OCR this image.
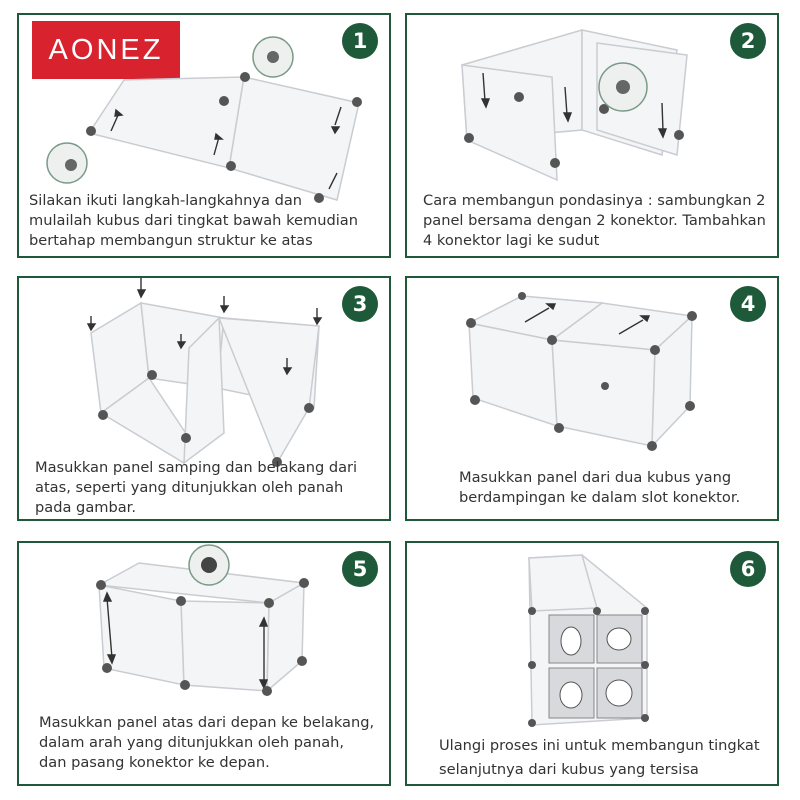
AONEZ	1
Silakan ikuti langkah-langkahnya dan
mulailah kubus dari tingkat bawah kemudian
bertahap membangun struktur ke atas
2
Cara membangun pondasinya : sambungkan 2
panel bersama dengan 2 konektor. Tambahkan
4 konektor lagi ke sudut
3
Masukkan panel samping dan belakang dari
atas, seperti yang ditunjukkan oleh panah
pada gambar.
4
Masukkan panel dari dua kubus yang
berdampingan ke dalam slot konektor.
5
Masukkan panel atas dari depan ke belakang,
dalam arah yang ditunjukkan oleh panah,
dan pasang konektor ke depan.
6
Ulangi proses ini untuk membangun tingkat
selanjutnya dari kubus yang tersisa
